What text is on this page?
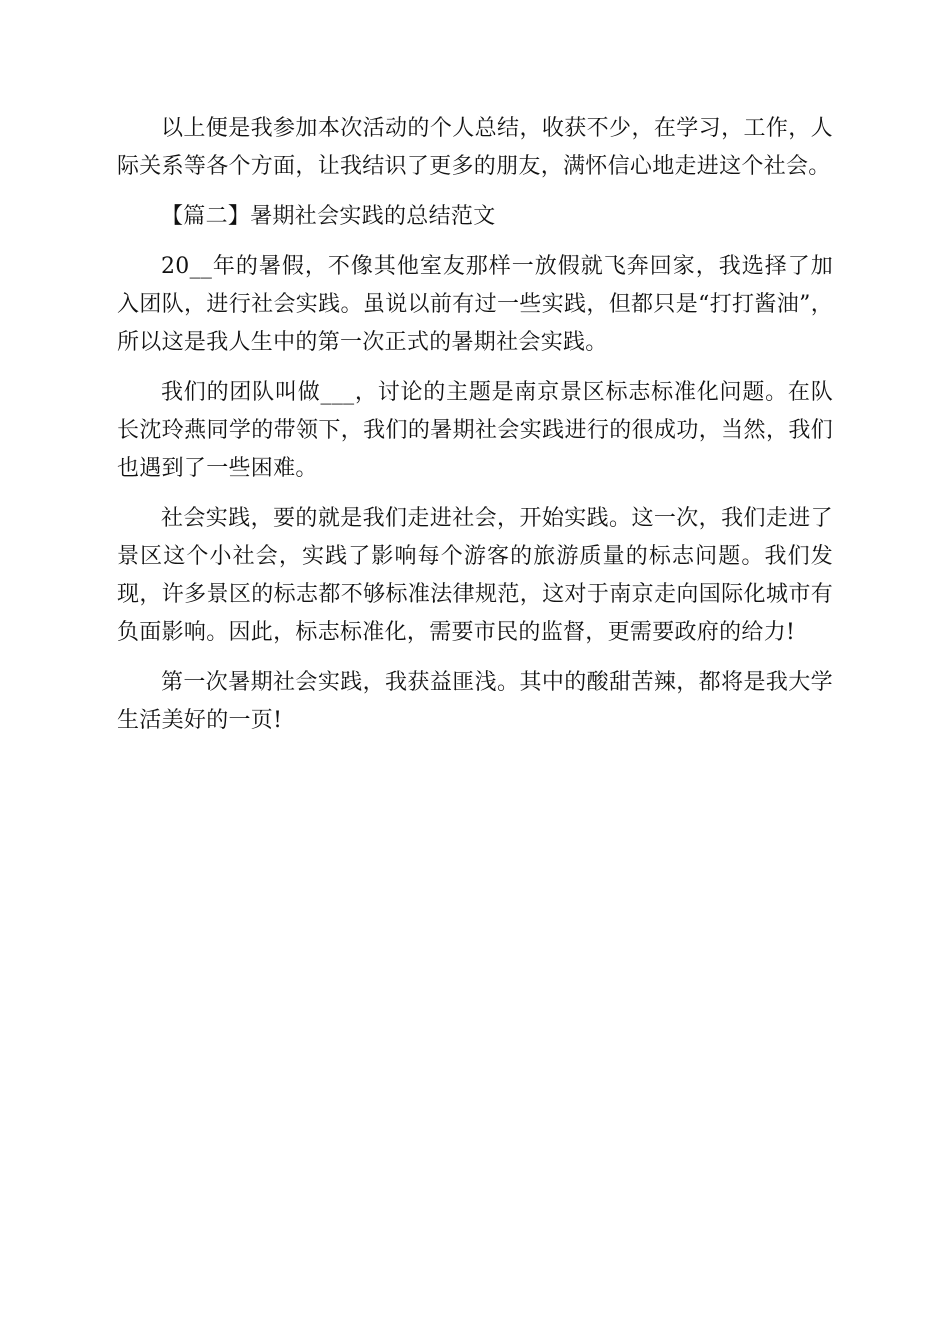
以上便是我参加本次活动的个人总结，收获不少，在学习，工作，人际关系等各个方面，让我结识了更多的朋友，满怀信心地走进这个社会。

【篇二】暑期社会实践的总结范文

20__年的暑假，不像其他室友那样一放假就飞奔回家，我选择了加入团队，进行社会实践。虽说以前有过一些实践，但都只是“打打酱油”，所以这是我人生中的第一次正式的暑期社会实践。

我们的团队叫做___，讨论的主题是南京景区标志标准化问题。在队长沈玲燕同学的带领下，我们的暑期社会实践进行的很成功，当然，我们也遇到了一些困难。

社会实践，要的就是我们走进社会，开始实践。这一次，我们走进了景区这个小社会，实践了影响每个游客的旅游质量的标志问题。我们发现，许多景区的标志都不够标准法律规范，这对于南京走向国际化城市有负面影响。因此，标志标准化，需要市民的监督，更需要政府的给力!

第一次暑期社会实践，我获益匪浅。其中的酸甜苦辣，都将是我大学生活美好的一页!
